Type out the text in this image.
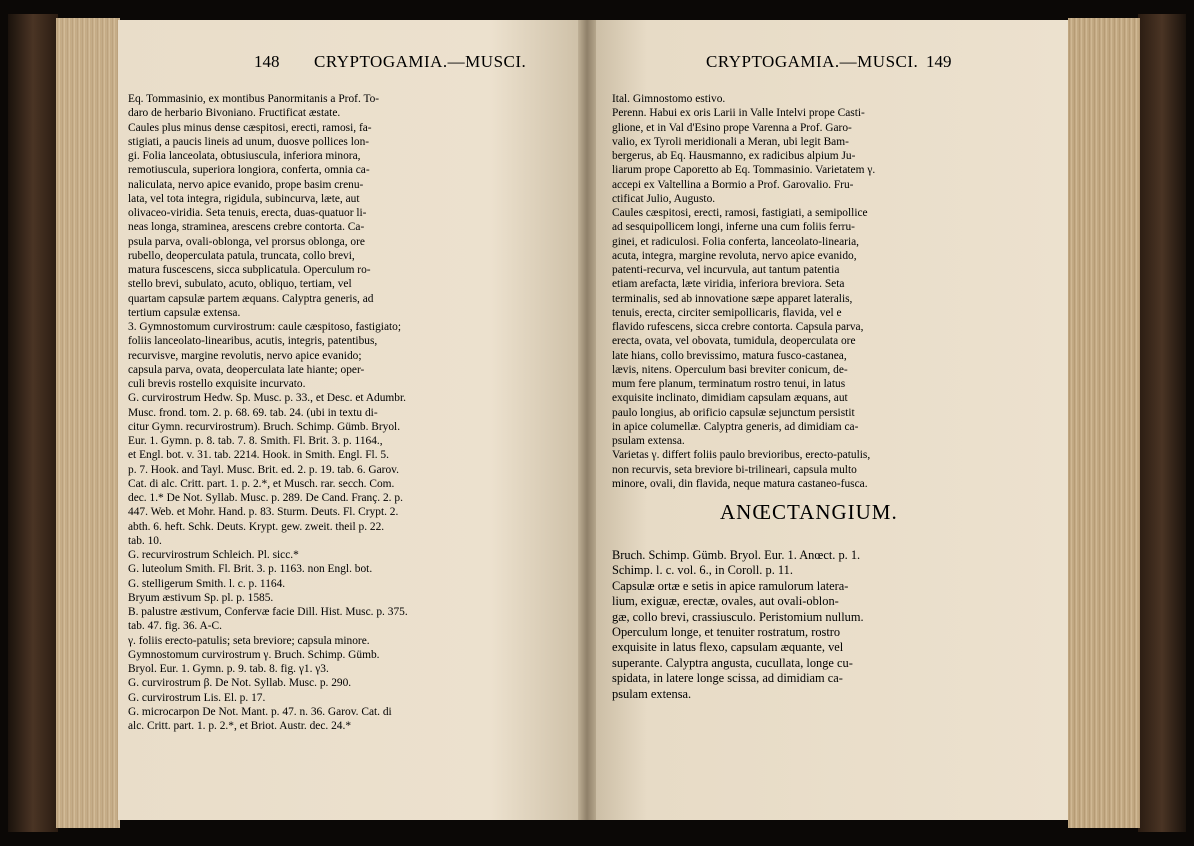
148 CRYPTOGAMIA.—MUSCI.	CRYPTOGAMIA.—MUSCI. 149
Eq. Tommasinio, ex montibus Panormitanis a Prof. To-
daro de herbario Bivoniano. Fructificat æstate.
Caules plus minus dense cæspitosi, erecti, ramosi, fa-
stigiati, a paucis lineis ad unum, duosve pollices lon-
gi. Folia lanceolata, obtusiuscula, inferiora minora,
remotiuscula, superiora longiora, conferta, omnia ca-
naliculata, nervo apice evanido, prope basim crenu-
lata, vel tota integra, rigidula, subincurva, læte, aut
olivaceo-viridia. Seta tenuis, erecta, duas-quatuor li-
neas longa, straminea, arescens crebre contorta. Ca-
psula parva, ovali-oblonga, vel prorsus oblonga, ore
rubello, deoperculata patula, truncata, collo brevi,
matura fuscescens, sicca subplicatula. Operculum ro-
stello brevi, subulato, acuto, obliquo, tertiam, vel
quartam capsulæ partem æquans. Calyptra generis, ad
tertium capsulæ extensa.
3. Gymnostomum curvirostrum: caule cæspitoso, fastigiato;
foliis lanceolato-linearibus, acutis, integris, patentibus,
recurvisve, margine revolutis, nervo apice evanido;
capsula parva, ovata, deoperculata late hiante; oper-
culi brevis rostello exquisite incurvato.
G. curvirostrum Hedw. Sp. Musc. p. 33., et Desc. et Adumbr.
Musc. frond. tom. 2. p. 68. 69. tab. 24. (ubi in textu di-
citur Gymn. recurvirostrum). Bruch. Schimp. Gümb. Bryol.
Eur. 1. Gymn. p. 8. tab. 7. 8. Smith. Fl. Brit. 3. p. 1164.,
et Engl. bot. v. 31. tab. 2214. Hook. in Smith. Engl. Fl. 5.
p. 7. Hook. and Tayl. Musc. Brit. ed. 2. p. 19. tab. 6. Garov.
Cat. di alc. Critt. part. 1. p. 2.*, et Musch. rar. secch. Com.
dec. 1.* De Not. Syllab. Musc. p. 289. De Cand. Franç. 2. p.
447. Web. et Mohr. Hand. p. 83. Sturm. Deuts. Fl. Crypt. 2.
abth. 6. heft. Schk. Deuts. Krypt. gew. zweit. theil p. 22.
tab. 10.
G. recurvirostrum Schleich. Pl. sicc.*
G. luteolum Smith. Fl. Brit. 3. p. 1163. non Engl. bot.
G. stelligerum Smith. l. c. p. 1164.
Bryum æstivum Sp. pl. p. 1585.
B. palustre æstivum, Confervæ facie Dill. Hist. Musc. p. 375.
tab. 47. fig. 36. A-C.
γ. foliis erecto-patulis; seta breviore; capsula minore.
Gymnostomum curvirostrum γ. Bruch. Schimp. Gümb.
Bryol. Eur. 1. Gymn. p. 9. tab. 8. fig. γ1. γ3.
G. curvirostrum β. De Not. Syllab. Musc. p. 290.
G. curvirostrum Lis. El. p. 17.
G. microcarpon De Not. Mant. p. 47. n. 36. Garov. Cat. di
alc. Critt. part. 1. p. 2.*, et Briot. Austr. dec. 24.*
Ital. Gimnostomo estivo.
Perenn. Habui ex oris Larii in Valle Intelvi prope Casti-
glione, et in Val d'Esino prope Varenna a Prof. Garo-
valio, ex Tyroli meridionali a Meran, ubi legit Bam-
bergerus, ab Eq. Hausmanno, ex radicibus alpium Ju-
liarum prope Caporetto ab Eq. Tommasinio. Varietatem γ.
accepi ex Valtellina a Bormio a Prof. Garovalio. Fru-
ctificat Julio, Augusto.
Caules cæspitosi, erecti, ramosi, fastigiati, a semipollice
ad sesquipollicem longi, inferne una cum foliis ferru-
ginei, et radiculosi. Folia conferta, lanceolato-linearia,
acuta, integra, margine revoluta, nervo apice evanido,
patenti-recurva, vel incurvula, aut tantum patentia
etiam arefacta, læte viridia, inferiora breviora. Seta
terminalis, sed ab innovatione sæpe apparet lateralis,
tenuis, erecta, circiter semipollicaris, flavida, vel e
flavido rufescens, sicca crebre contorta. Capsula parva,
erecta, ovata, vel obovata, tumidula, deoperculata ore
late hians, collo brevissimo, matura fusco-castanea,
lævis, nitens. Operculum basi breviter conicum, de-
mum fere planum, terminatum rostro tenui, in latus
exquisite inclinato, dimidiam capsulam æquans, aut
paulo longius, ab orificio capsulæ sejunctum persistit
in apice columellæ. Calyptra generis, ad dimidiam ca-
psulam extensa.
Varietas γ. differt foliis paulo brevioribus, erecto-patulis,
non recurvis, seta breviore bi-trilineari, capsula multo
minore, ovali, din flavida, neque matura castaneo-fusca.
ANŒCTANGIUM.
Bruch. Schimp. Gümb. Bryol. Eur. 1. Anœct. p. 1.
Schimp. l. c. vol. 6., in Coroll. p. 11.
Capsulæ ortæ e setis in apice ramulorum latera-
lium, exiguæ, erectæ, ovales, aut ovali-oblon-
gæ, collo brevi, crassiusculo. Peristomium nullum.
Operculum longe, et tenuiter rostratum, rostro
exquisite in latus flexo, capsulam æquante, vel
superante. Calyptra angusta, cucullata, longe cu-
spidata, in latere longe scissa, ad dimidiam ca-
psulam extensa.
